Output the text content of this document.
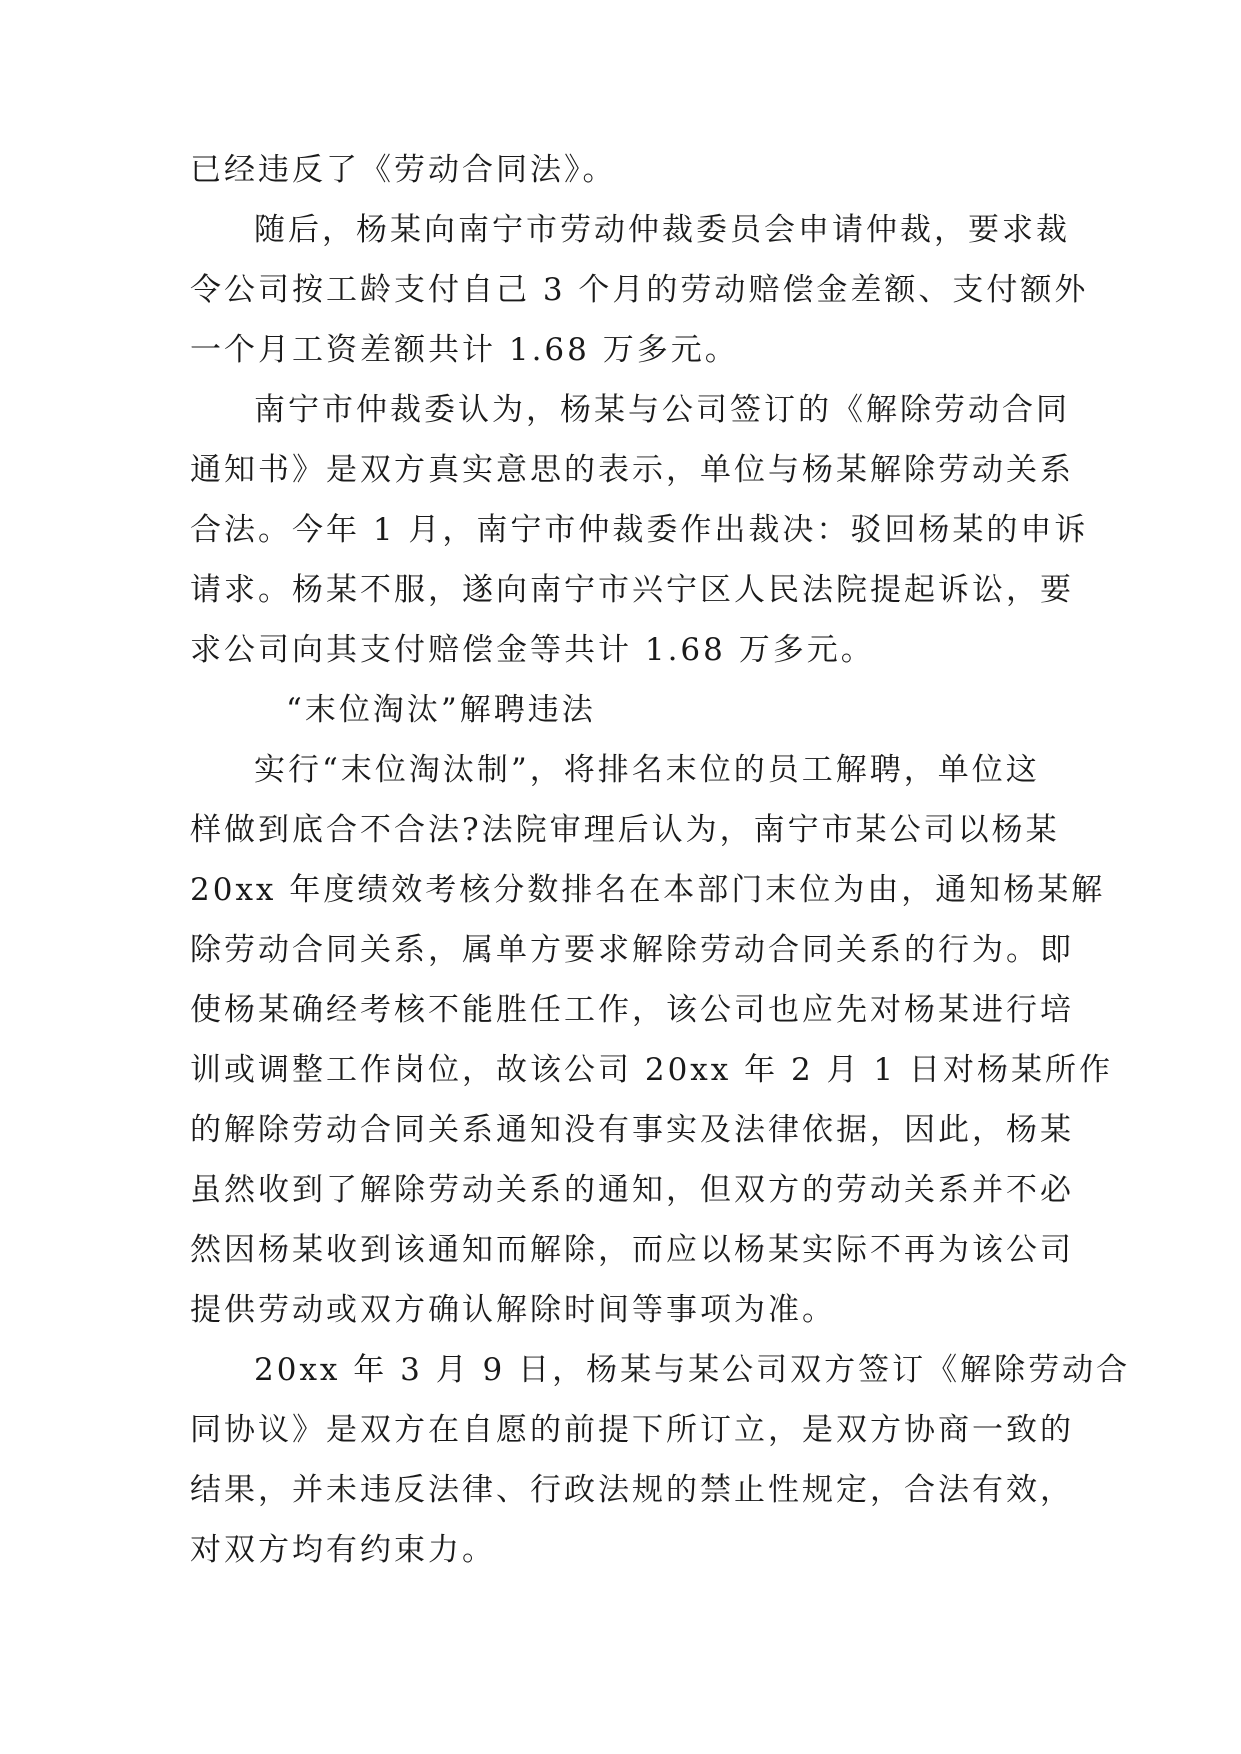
已经违反了《劳动合同法》。
随后，杨某向南宁市劳动仲裁委员会申请仲裁，要求裁
令公司按工龄支付自己 3 个月的劳动赔偿金差额、支付额外
一个月工资差额共计 1.68 万多元。
南宁市仲裁委认为，杨某与公司签订的《解除劳动合同
通知书》是双方真实意思的表示，单位与杨某解除劳动关系
合法。今年 1 月，南宁市仲裁委作出裁决：驳回杨某的申诉
请求。杨某不服，遂向南宁市兴宁区人民法院提起诉讼，要
求公司向其支付赔偿金等共计 1.68 万多元。
“末位淘汰”解聘违法
实行“末位淘汰制”，将排名末位的员工解聘，单位这
样做到底合不合法?法院审理后认为，南宁市某公司以杨某
20xx 年度绩效考核分数排名在本部门末位为由，通知杨某解
除劳动合同关系，属单方要求解除劳动合同关系的行为。即
使杨某确经考核不能胜任工作，该公司也应先对杨某进行培
训或调整工作岗位，故该公司 20xx 年 2 月 1 日对杨某所作
的解除劳动合同关系通知没有事实及法律依据，因此，杨某
虽然收到了解除劳动关系的通知，但双方的劳动关系并不必
然因杨某收到该通知而解除，而应以杨某实际不再为该公司
提供劳动或双方确认解除时间等事项为准。
20xx 年 3 月 9 日，杨某与某公司双方签订《解除劳动合
同协议》是双方在自愿的前提下所订立，是双方协商一致的
结果，并未违反法律、行政法规的禁止性规定，合法有效，
对双方均有约束力。
